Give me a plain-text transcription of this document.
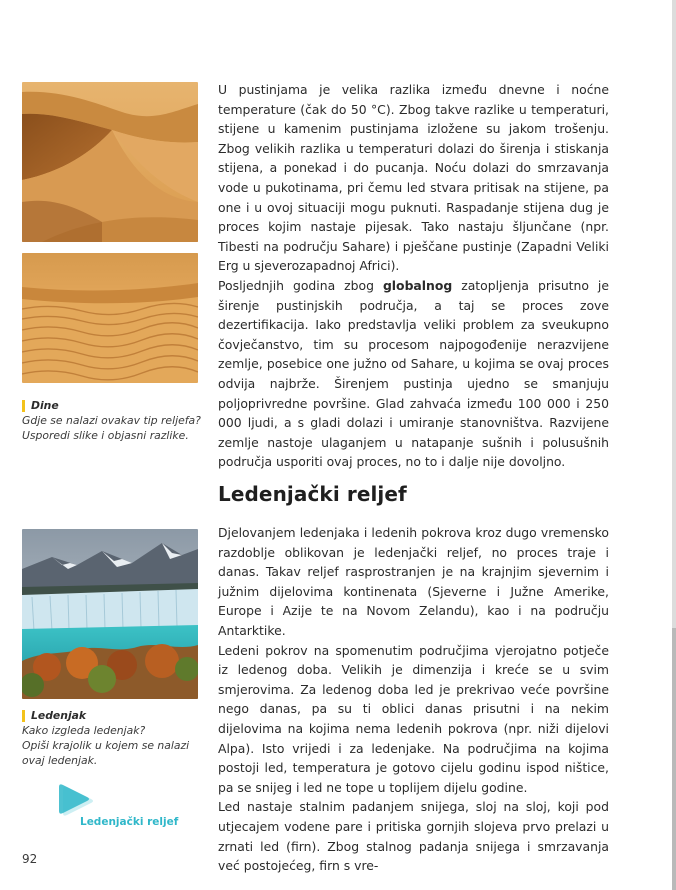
Dine
Gdje se nalazi ovakav tip reljefa?
Usporedi slike i objasni razlike.

U pustinjama je velika razlika između dnevne i noćne temperature (čak do 50 °C). Zbog takve razlike u temperaturi, stijene u kamenim pustinjama izložene su jakom trošenju. Zbog velikih razlika u temperaturi dolazi do širenja i stiskanja stijena, a ponekad i do pucanja. Noću dolazi do smrzavanja vode u pukotinama, pri čemu led stvara pritisak na stijene, pa one i u ovoj situaciji mogu puknuti. Raspadanje stijena dug je proces kojim nastaje pijesak. Tako nastaju šljunčane (npr. Tibesti na području Sahare) i pješčane pustinje (Zapadni Veliki Erg u sjeverozapadnoj Africi).

Posljednjih godina zbog globalnog zatopljenja prisutno je širenje pustinjskih područja, a taj se proces zove dezertifikacija. Iako predstavlja veliki problem za sveukupno čovječanstvo, tim su procesom najpogođenije nerazvijene zemlje, posebice one južno od Sahare, u kojima se ovaj proces odvija najbrže. Širenjem pustinja ujedno se smanjuju poljoprivredne površine. Glad zahvaća između 100 000 i 250 000 ljudi, a s gladi dolazi i umiranje stanovništva. Razvijene zemlje nastoje ulaganjem u natapanje sušnih i polusušnih područja usporiti ovaj proces, no to i dalje nije dovoljno.

Ledenjački reljef
Ledenjak
Kako izgleda ledenjak?
Opiši krajolik u kojem se nalazi
ovaj ledenjak.

Djelovanjem ledenjaka i ledenih pokrova kroz dugo vremensko razdoblje oblikovan je ledenjački reljef, no proces traje i danas. Takav reljef rasprostranjen je na krajnjim sjevernim i južnim dijelovima kontinenata (Sjeverne i Južne Amerike, Europe i Azije te na Novom Zelandu), kao i na području Antarktike.

Ledeni pokrov na spomenutim područjima vjerojatno potječe iz ledenog doba. Velikih je dimenzija i kreće se u svim smjerovima. Za ledenog doba led je prekrivao veće površine nego danas, pa su ti oblici danas prisutni i na nekim dijelovima na kojima nema ledenih pokrova (npr. niži dijelovi Alpa). Isto vrijedi i za ledenjake. Na područjima na kojima postoji led, temperatura je gotovo cijelu godinu ispod ništice, pa se snijeg i led ne tope u toplijem dijelu godine.

Led nastaje stalnim padanjem snijega, sloj na sloj, koji pod utjecajem vodene pare i pritiska gornjih slojeva prvo prelazi u zrnati led (firn). Zbog stalnog padanja snijega i smrzavanja već postojećeg, firn s vre-

Ledenjački reljef
92
